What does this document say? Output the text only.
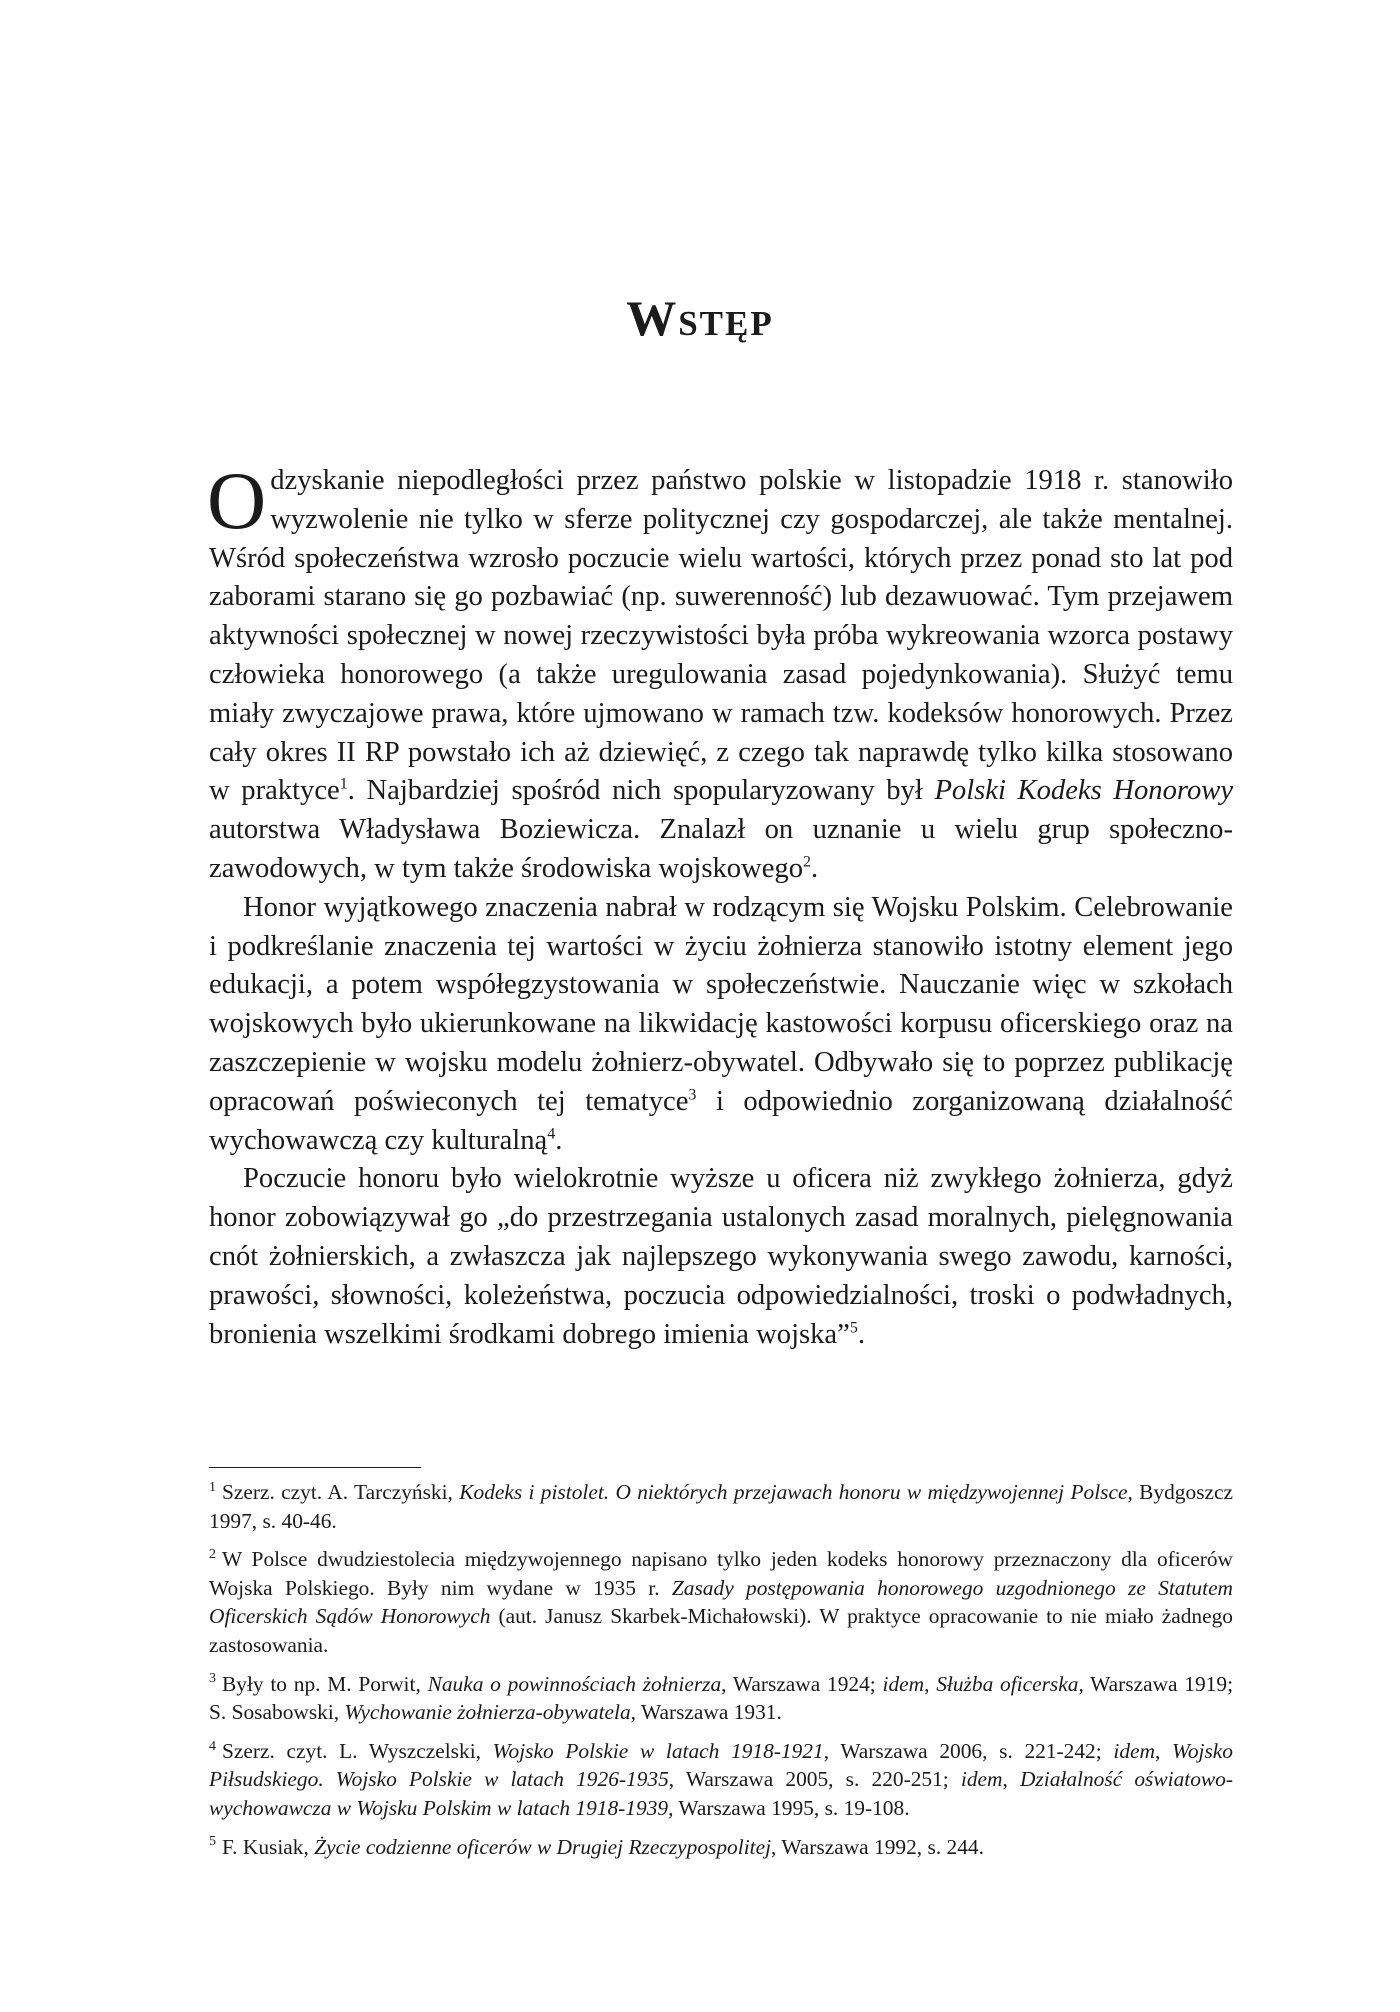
Wstęp

Odzyskanie niepodległości przez państwo polskie w listopadzie 1918 r. stanowiło wyzwolenie nie tylko w sferze politycznej czy gospodarczej, ale także mentalnej. Wśród społeczeństwa wzrosło poczucie wielu wartości, których przez ponad sto lat pod zaborami starano się go pozbawiać (np. suwerenność) lub dezawuować. Tym przejawem aktywności społecznej w nowej rzeczywistości była próba wykreowania wzorca postawy człowieka honorowego (a także uregulowania zasad pojedynkowania). Służyć temu miały zwyczajowe prawa, które ujmowano w ramach tzw. kodeksów honorowych. Przez cały okres II RP powstało ich aż dziewięć, z czego tak naprawdę tylko kilka stosowano w praktyce$^1$. Najbardziej spośród nich spopularyzowany był Polski Kodeks Honorowy autorstwa Władysława Boziewicza. Znalazł on uznanie u wielu grup społeczno-zawodowych, w tym także środowiska wojskowego$^2$.

Honor wyjątkowego znaczenia nabrał w rodzącym się Wojsku Polskim. Celebrowanie i podkreślanie znaczenia tej wartości w życiu żołnierza stanowiło istotny element jego edukacji, a potem współegzystowania w społeczeństwie. Nauczanie więc w szkołach wojskowych było ukierunkowane na likwidację kastowości korpusu oficerskiego oraz na zaszczepienie w wojsku modelu żołnierz-obywatel. Odbywało się to poprzez publikację opracowań poświeconych tej tematyce$^3$ i odpowiednio zorganizowaną działalność wychowawczą czy kulturalną$^4$.

Poczucie honoru było wielokrotnie wyższe u oficera niż zwykłego żołnierza, gdyż honor zobowiązywał go „do przestrzegania ustalonych zasad moralnych, pielęgnowania cnót żołnierskich, a zwłaszcza jak najlepszego wykonywania swego zawodu, karności, prawości, słowności, koleżeństwa, poczucia odpowiedzialności, troski o podwładnych, bronienia wszelkimi środkami dobrego imienia wojska”$^5$.

$^1$ Szerz. czyt. A. Tarczyński, Kodeks i pistolet. O niektórych przejawach honoru w międzywojennej Polsce, Bydgoszcz 1997, s. 40-46.

$^2$ W Polsce dwudziestolecia międzywojennego napisano tylko jeden kodeks honorowy przeznaczony dla oficerów Wojska Polskiego. Były nim wydane w 1935 r. Zasady postępowania honorowego uzgodnionego ze Statutem Oficerskich Sądów Honorowych (aut. Janusz Skarbek-Michałowski). W praktyce opracowanie to nie miało żadnego zastosowania.

$^3$ Były to np. M. Porwit, Nauka o powinnościach żołnierza, Warszawa 1924; idem, Służba oficerska, Warszawa 1919; S. Sosabowski, Wychowanie żołnierza-obywatela, Warszawa 1931.

$^4$ Szerz. czyt. L. Wyszczelski, Wojsko Polskie w latach 1918-1921, Warszawa 2006, s. 221-242; idem, Wojsko Piłsudskiego. Wojsko Polskie w latach 1926-1935, Warszawa 2005, s. 220-251; idem, Działalność oświatowo-wychowawcza w Wojsku Polskim w latach 1918-1939, Warszawa 1995, s. 19-108.

$^5$ F. Kusiak, Życie codzienne oficerów w Drugiej Rzeczypospolitej, Warszawa 1992, s. 244.
